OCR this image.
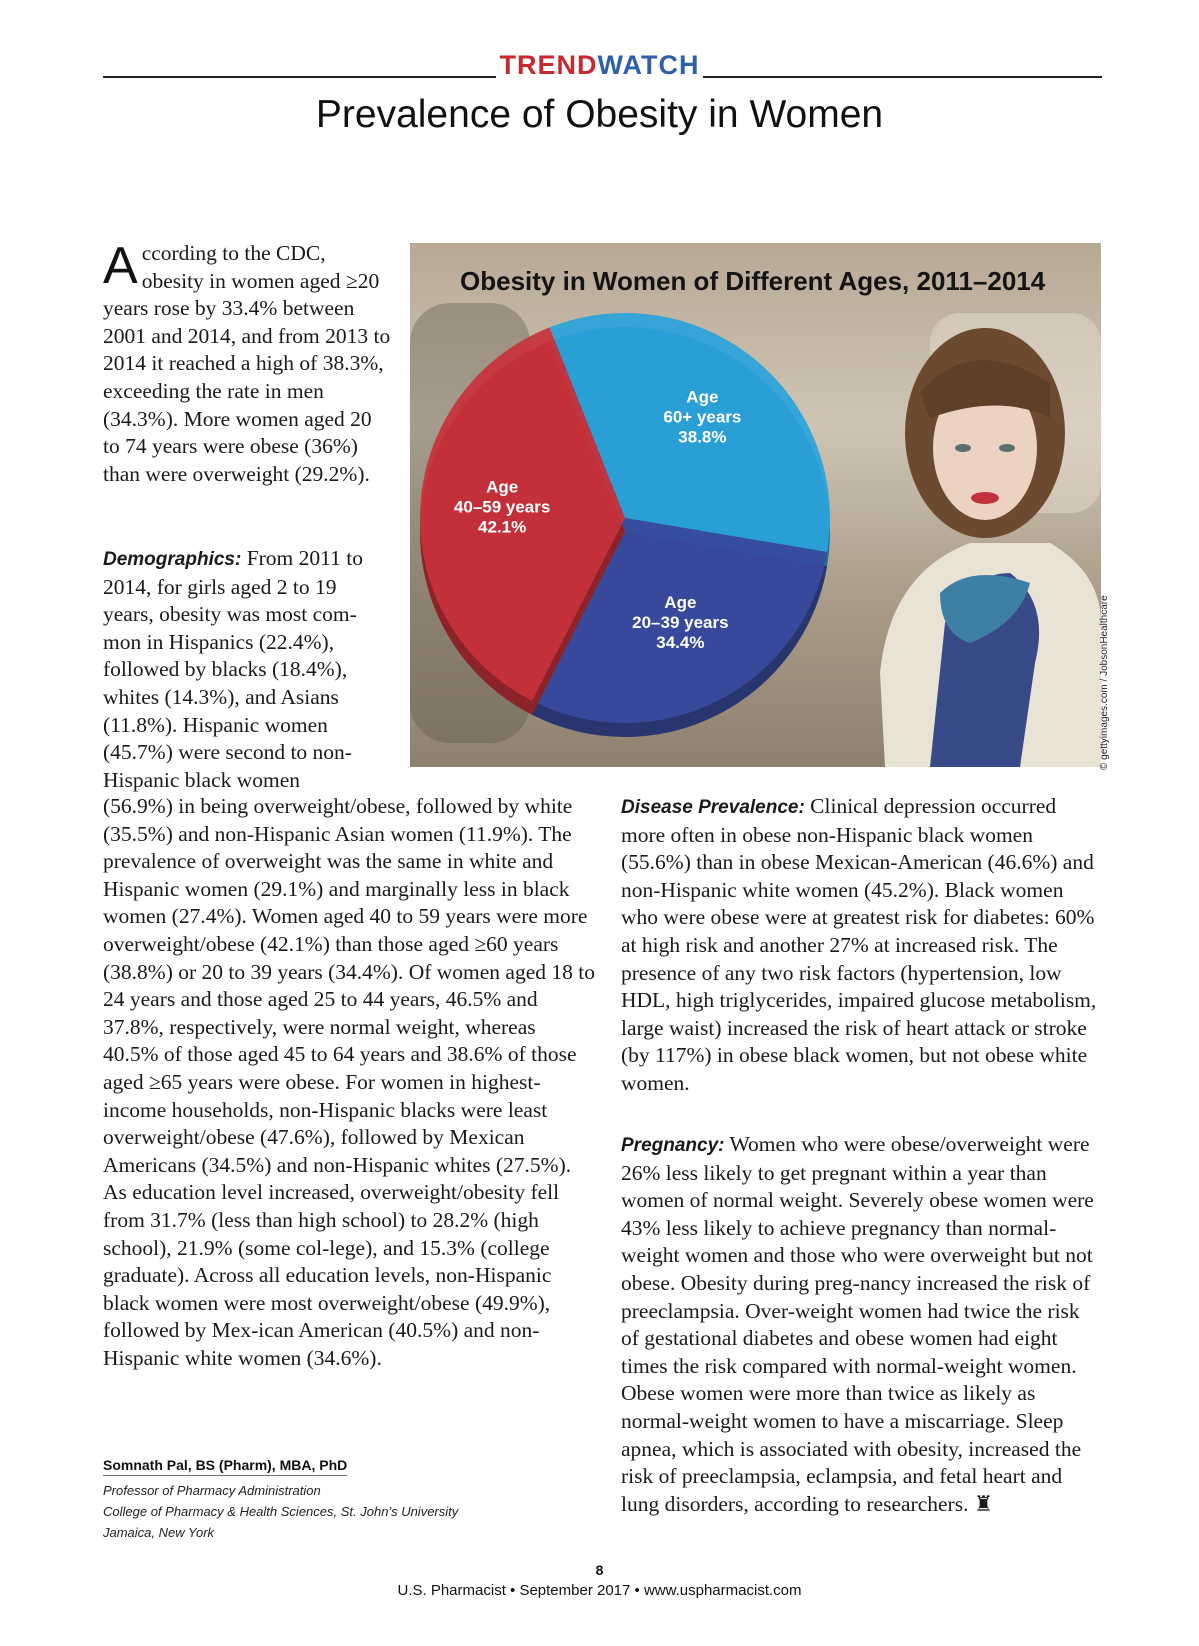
TRENDWATCH
Prevalence of Obesity in Women
According to the CDC, obesity in women aged ≥20 years rose by 33.4% between 2001 and 2014, and from 2013 to 2014 it reached a high of 38.3%, exceeding the rate in men (34.3%). More women aged 20 to 74 years were obese (36%) than were overweight (29.2%).
Demographics: From 2011 to 2014, for girls aged 2 to 19 years, obesity was most com-mon in Hispanics (22.4%), followed by blacks (18.4%), whites (14.3%), and Asians (11.8%). Hispanic women (45.7%) were second to non-Hispanic black women
(56.9%) in being overweight/obese, followed by white (35.5%) and non-Hispanic Asian women (11.9%). The prevalence of overweight was the same in white and Hispanic women (29.1%) and marginally less in black women (27.4%). Women aged 40 to 59 years were more overweight/obese (42.1%) than those aged ≥60 years (38.8%) or 20 to 39 years (34.4%). Of women aged 18 to 24 years and those aged 25 to 44 years, 46.5% and 37.8%, respectively, were normal weight, whereas 40.5% of those aged 45 to 64 years and 38.6% of those aged ≥65 years were obese. For women in highest-income households, non-Hispanic blacks were least overweight/obese (47.6%), followed by Mexican Americans (34.5%) and non-Hispanic whites (27.5%). As education level increased, overweight/obesity fell from 31.7% (less than high school) to 28.2% (high school), 21.9% (some col-lege), and 15.3% (college graduate). Across all education levels, non-Hispanic black women were most overweight/obese (49.9%), followed by Mex-ican American (40.5%) and non-Hispanic white women (34.6%).
Age 60+ years 38.8%
Age 20–39 years 34.4%
Age 40–59 years 42.1%
Obesity in Women of Different Ages, 2011–2014
© gettyimages.com / JobsonHealthcare
Disease Prevalence: Clinical depression occurred more often in obese non-Hispanic black women (55.6%) than in obese Mexican-American (46.6%) and non-Hispanic white women (45.2%). Black women who were obese were at greatest risk for diabetes: 60% at high risk and another 27% at increased risk. The presence of any two risk factors (hypertension, low HDL, high triglycerides, impaired glucose metabolism, large waist) increased the risk of heart attack or stroke (by 117%) in obese black women, but not obese white women.
Pregnancy: Women who were obese/overweight were 26% less likely to get pregnant within a year than women of normal weight. Severely obese women were 43% less likely to achieve pregnancy than normal-weight women and those who were overweight but not obese. Obesity during preg-nancy increased the risk of preeclampsia. Over-weight women had twice the risk of gestational diabetes and obese women had eight times the risk compared with normal-weight women. Obese women were more than twice as likely as normal-weight women to have a miscarriage. Sleep apnea, which is associated with obesity, increased the risk of preeclampsia, eclampsia, and fetal heart and lung disorders, according to researchers. ♜
Somnath Pal, BS (Pharm), MBA, PhD
Professor of Pharmacy Administration
College of Pharmacy & Health Sciences, St. John’s University
Jamaica, New York
8
U.S. Pharmacist • September 2017 • www.uspharmacist.com
